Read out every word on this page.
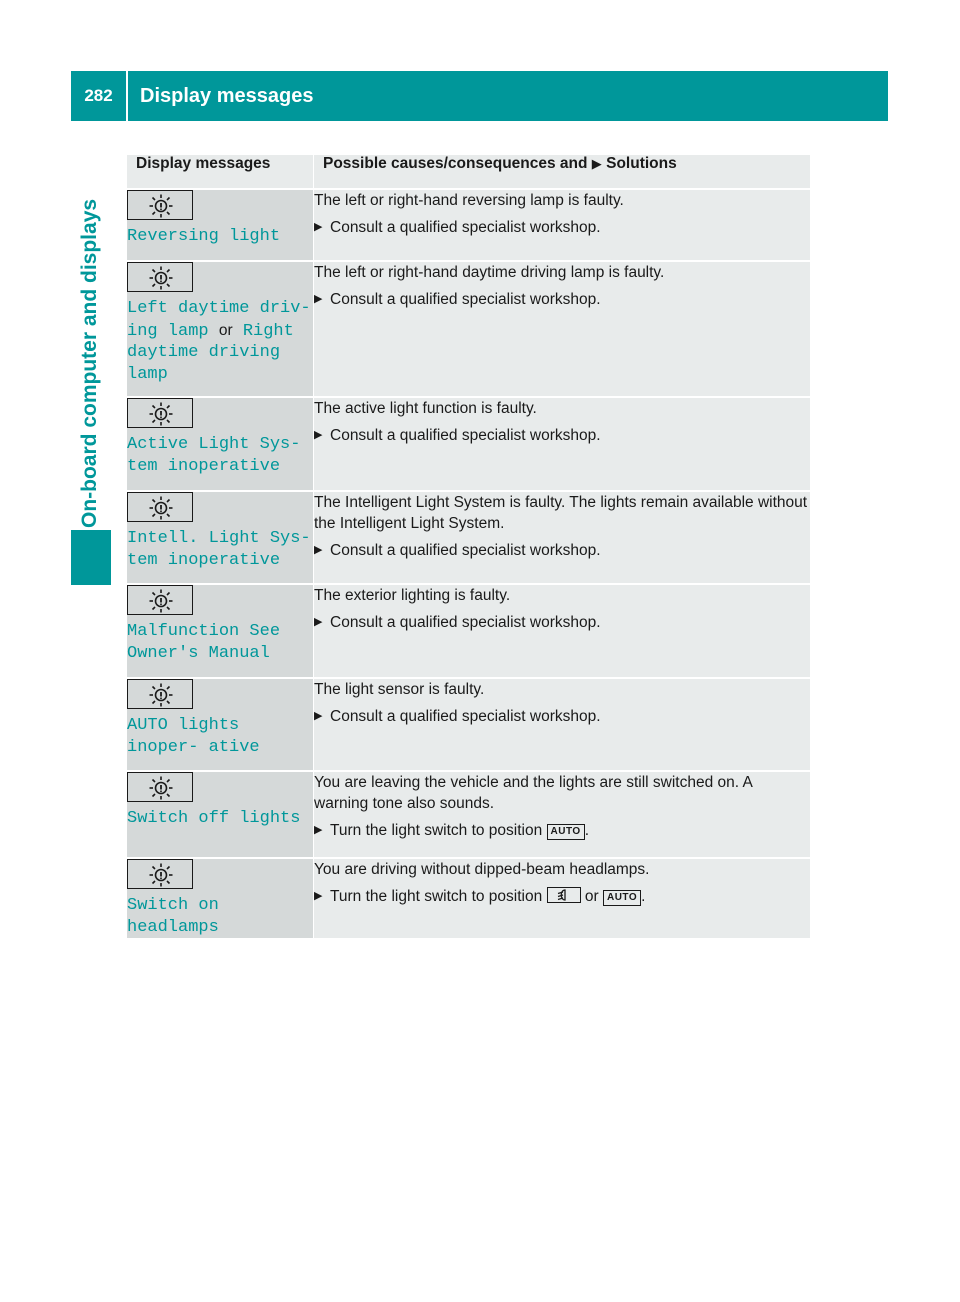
282	Display messages
On-board computer and displays
Display messages	Possible causes/consequences and ▶ Solutions

Reversing light	The left or right-hand reversing lamp is faulty.

▶ Consult a qualified specialist workshop.

Left daytime driv‐ ing lamp or Right daytime driving lamp	The left or right-hand daytime driving lamp is faulty.

▶ Consult a qualified specialist workshop.

Active Light Sys‐ tem inoperative	The active light function is faulty.

▶ Consult a qualified specialist workshop.

Intell. Light Sys‐ tem inoperative	The Intelligent Light System is faulty. The lights remain available without the Intelligent Light System.

▶ Consult a qualified specialist workshop.

Malfunction See Owner's Manual	The exterior lighting is faulty.

▶ Consult a qualified specialist workshop.

AUTO lights inoper‐ ative	The light sensor is faulty.

▶ Consult a qualified specialist workshop.

Switch off lights	You are leaving the vehicle and the lights are still switched on. A warning tone also sounds.

▶ Turn the light switch to position AUTO .

Switch on headlamps	You are driving without dipped-beam headlamps.

▶ Turn the light switch to position or AUTO .
